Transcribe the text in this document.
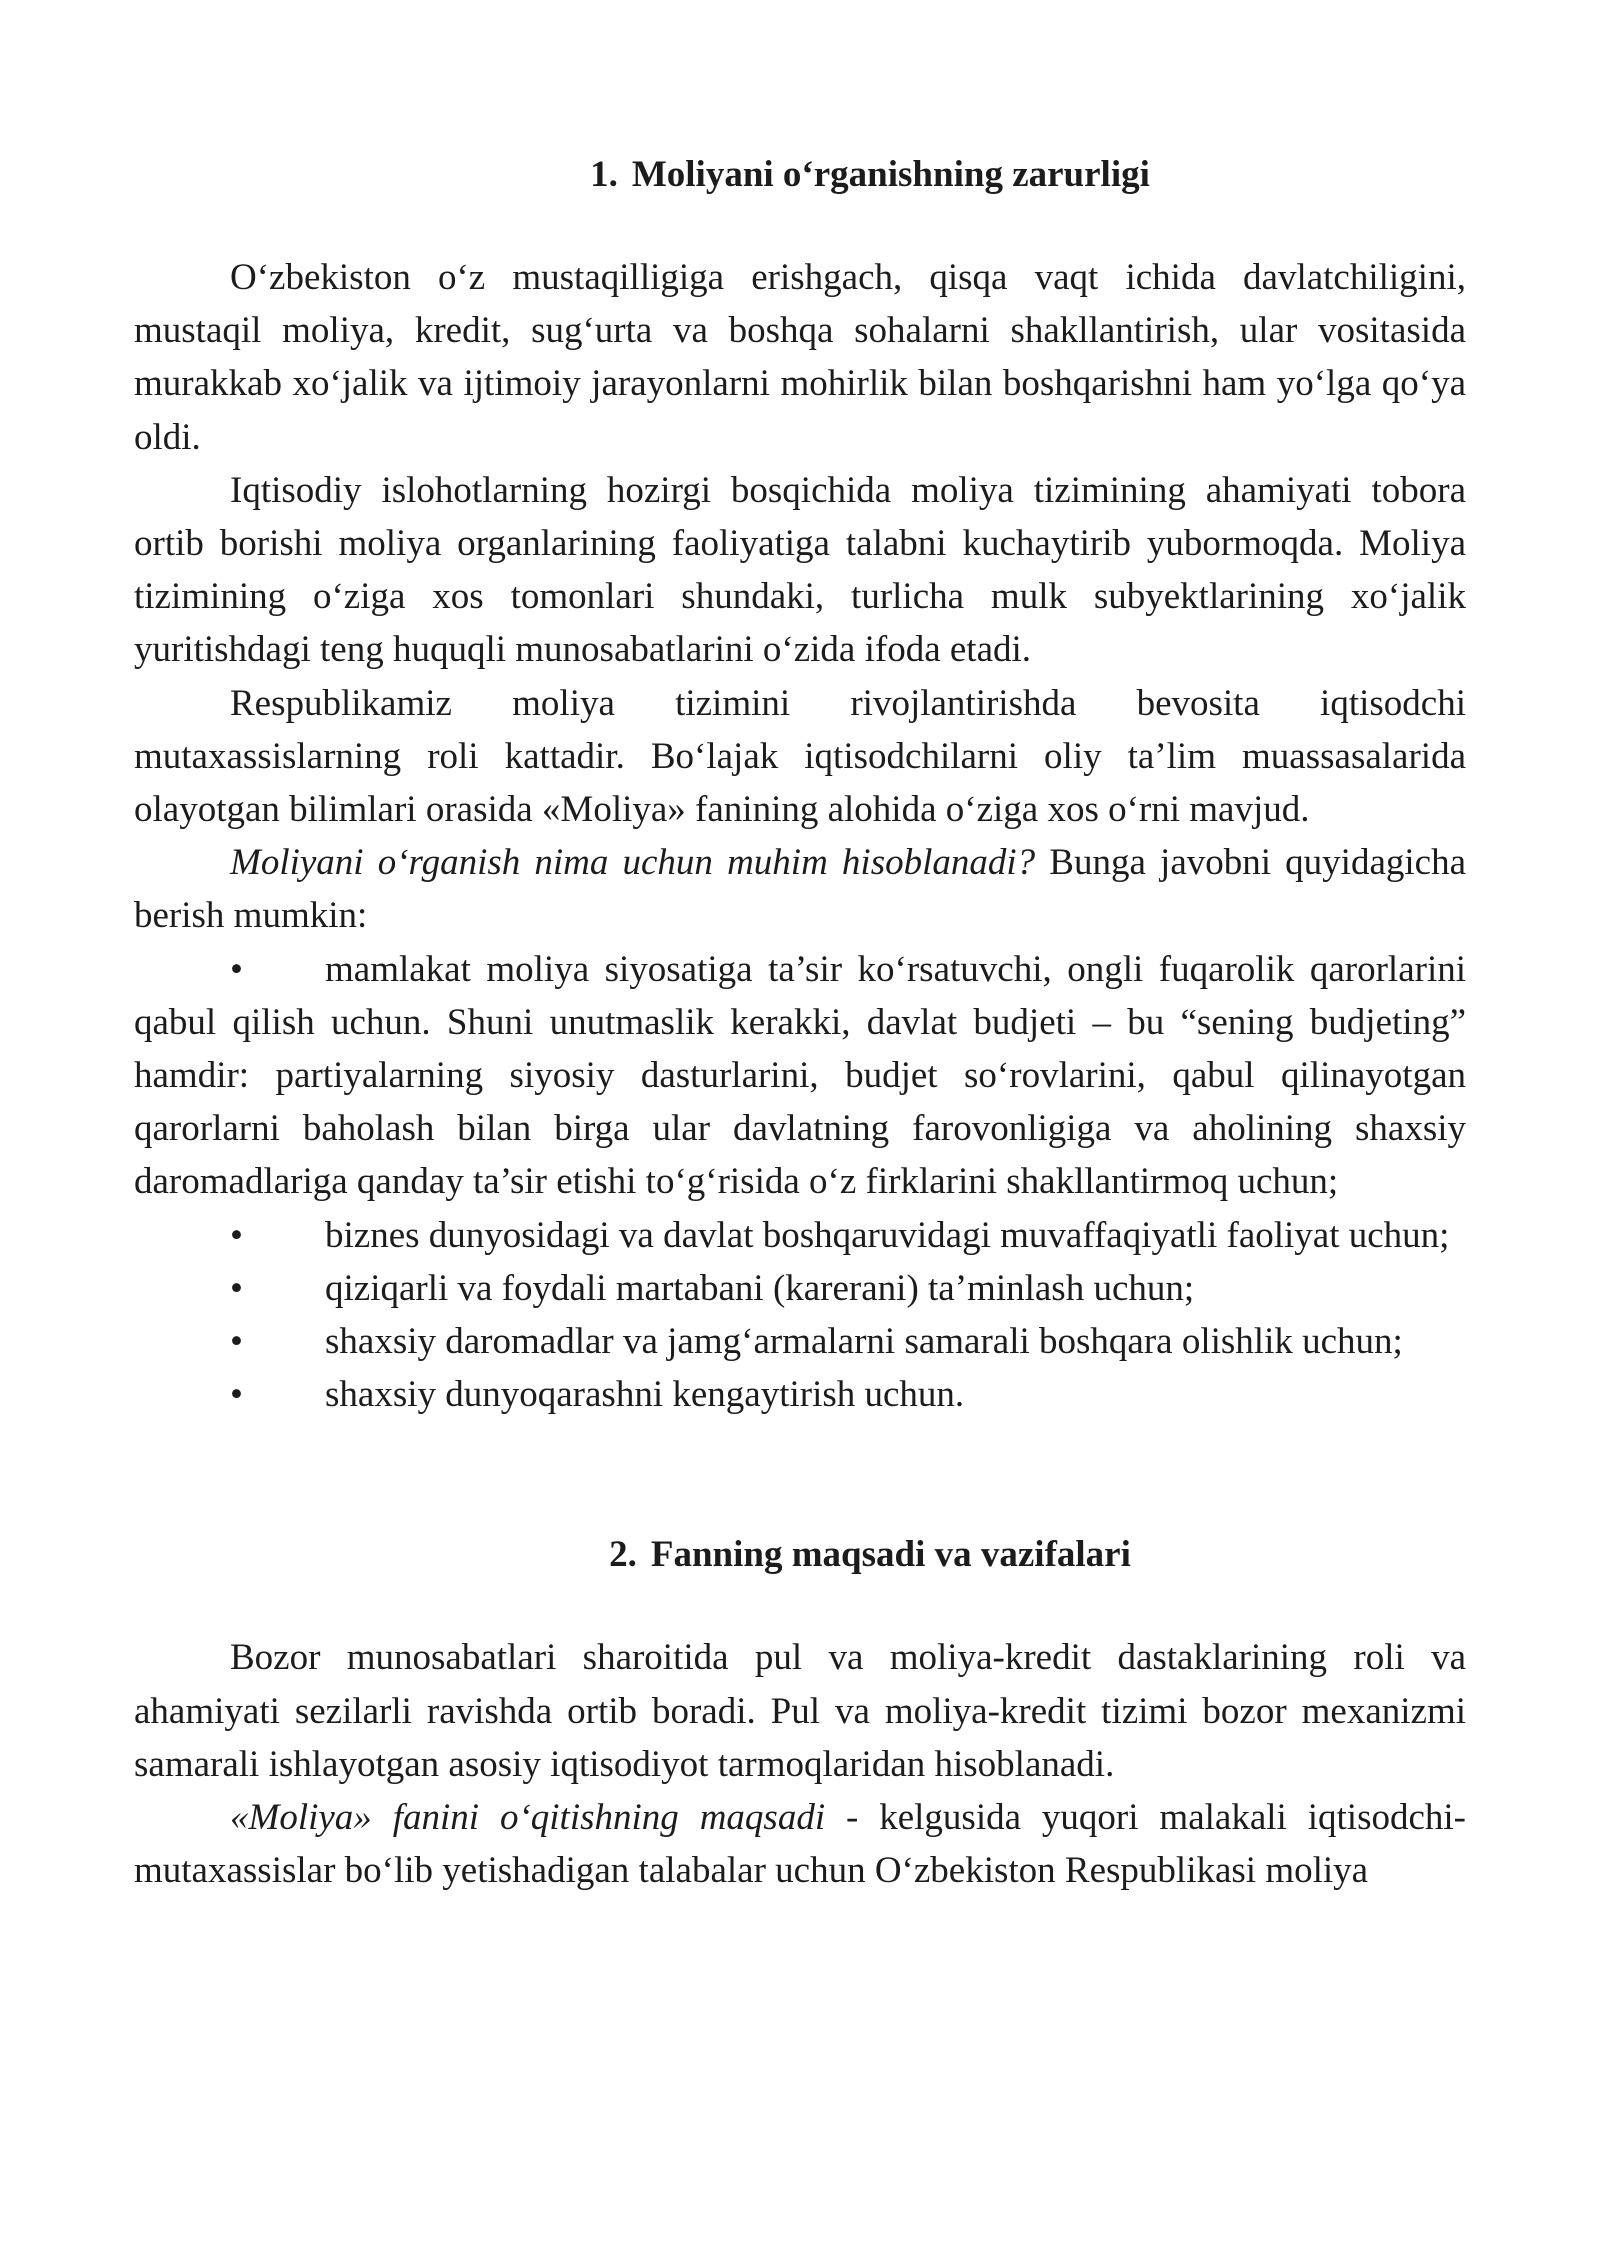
1. Moliyani o‘rganishning zarurligi

O‘zbekiston o‘z mustaqilligiga erishgach, qisqa vaqt ichida davlatchiligini, mustaqil moliya, kredit, sug‘urta va boshqa sohalarni shakllantirish, ular vositasida murakkab xo‘jalik va ijtimoiy jarayonlarni mohirlik bilan boshqarishni ham yo‘lga qo‘ya oldi.

Iqtisodiy islohotlarning hozirgi bosqichida moliya tizimining ahamiyati tobora ortib borishi moliya organlarining faoliyatiga talabni kuchaytirib yubormoqda. Moliya tizimining o‘ziga xos tomonlari shundaki, turlicha mulk subyektlarining xo‘jalik yuritishdagi teng huquqli munosabatlarini o‘zida ifoda etadi.

Respublikamiz moliya tizimini rivojlantirishda bevosita iqtisodchi mutaxassislarning roli kattadir. Bo‘lajak iqtisodchilarni oliy ta’lim muassasalarida olayotgan bilimlari orasida «Moliya» fanining alohida o‘ziga xos o‘rni mavjud.

Moliyani o‘rganish nima uchun muhim hisoblanadi? Bunga javobni quyidagicha berish mumkin:

• mamlakat moliya siyosatiga ta’sir ko‘rsatuvchi, ongli fuqarolik qarorlarini qabul qilish uchun. Shuni unutmaslik kerakki, davlat budjeti – bu “sening budjeting” hamdir: partiyalarning siyosiy dasturlarini, budjet so‘rovlarini, qabul qilinayotgan qarorlarni baholash bilan birga ular davlatning farovonligiga va aholining shaxsiy daromadlariga qanday ta’sir etishi to‘g‘risida o‘z firklarini shakllantirmoq uchun;
• biznes dunyosidagi va davlat boshqaruvidagi muvaffaqiyatli faoliyat uchun;
• qiziqarli va foydali martabani (karerani) ta’minlash uchun;
• shaxsiy daromadlar va jamg‘armalarni samarali boshqara olishlik uchun;
• shaxsiy dunyoqarashni kengaytirish uchun.
2. Fanning maqsadi va vazifalari

Bozor munosabatlari sharoitida pul va moliya-kredit dastaklarining roli va ahamiyati sezilarli ravishda ortib boradi. Pul va moliya-kredit tizimi bozor mexanizmi samarali ishlayotgan asosiy iqtisodiyot tarmoqlaridan hisoblanadi.

«Moliya» fanini o‘qitishning maqsadi - kelgusida yuqori malakali iqtisodchi-mutaxassislar bo‘lib yetishadigan talabalar uchun O‘zbekiston Respublikasi moliya
